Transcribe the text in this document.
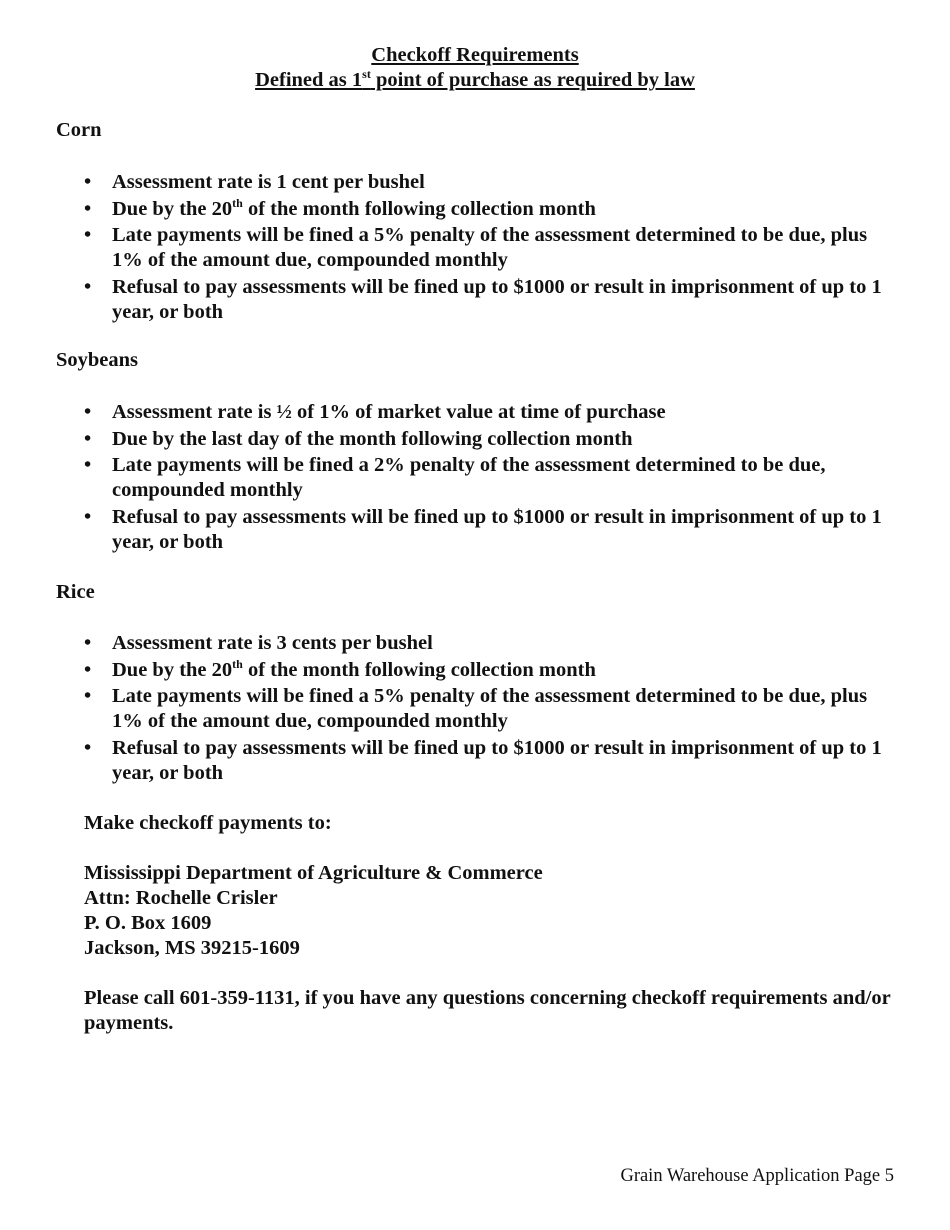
Checkoff Requirements
Defined as 1st point of purchase as required by law
Corn
• Assessment rate is 1 cent per bushel
• Due by the 20th of the month following collection month
• Late payments will be fined a 5% penalty of the assessment determined to be due, plus 1% of the amount due, compounded monthly
• Refusal to pay assessments will be fined up to $1000 or result in imprisonment of up to 1 year, or both
Soybeans
• Assessment rate is ½ of 1% of market value at time of purchase
• Due by the last day of the month following collection month
• Late payments will be fined a 2% penalty of the assessment determined to be due, compounded monthly
• Refusal to pay assessments will be fined up to $1000 or result in imprisonment of up to 1 year, or both
Rice
• Assessment rate is 3 cents per bushel
• Due by the 20th of the month following collection month
• Late payments will be fined a 5% penalty of the assessment determined to be due, plus 1% of the amount due, compounded monthly
• Refusal to pay assessments will be fined up to $1000 or result in imprisonment of up to 1 year, or both
Make checkoff payments to:
Mississippi Department of Agriculture & Commerce
Attn: Rochelle Crisler
P. O. Box 1609
Jackson, MS 39215-1609
Please call 601-359-1131, if you have any questions concerning checkoff requirements and/or payments.
Grain Warehouse Application Page 5
